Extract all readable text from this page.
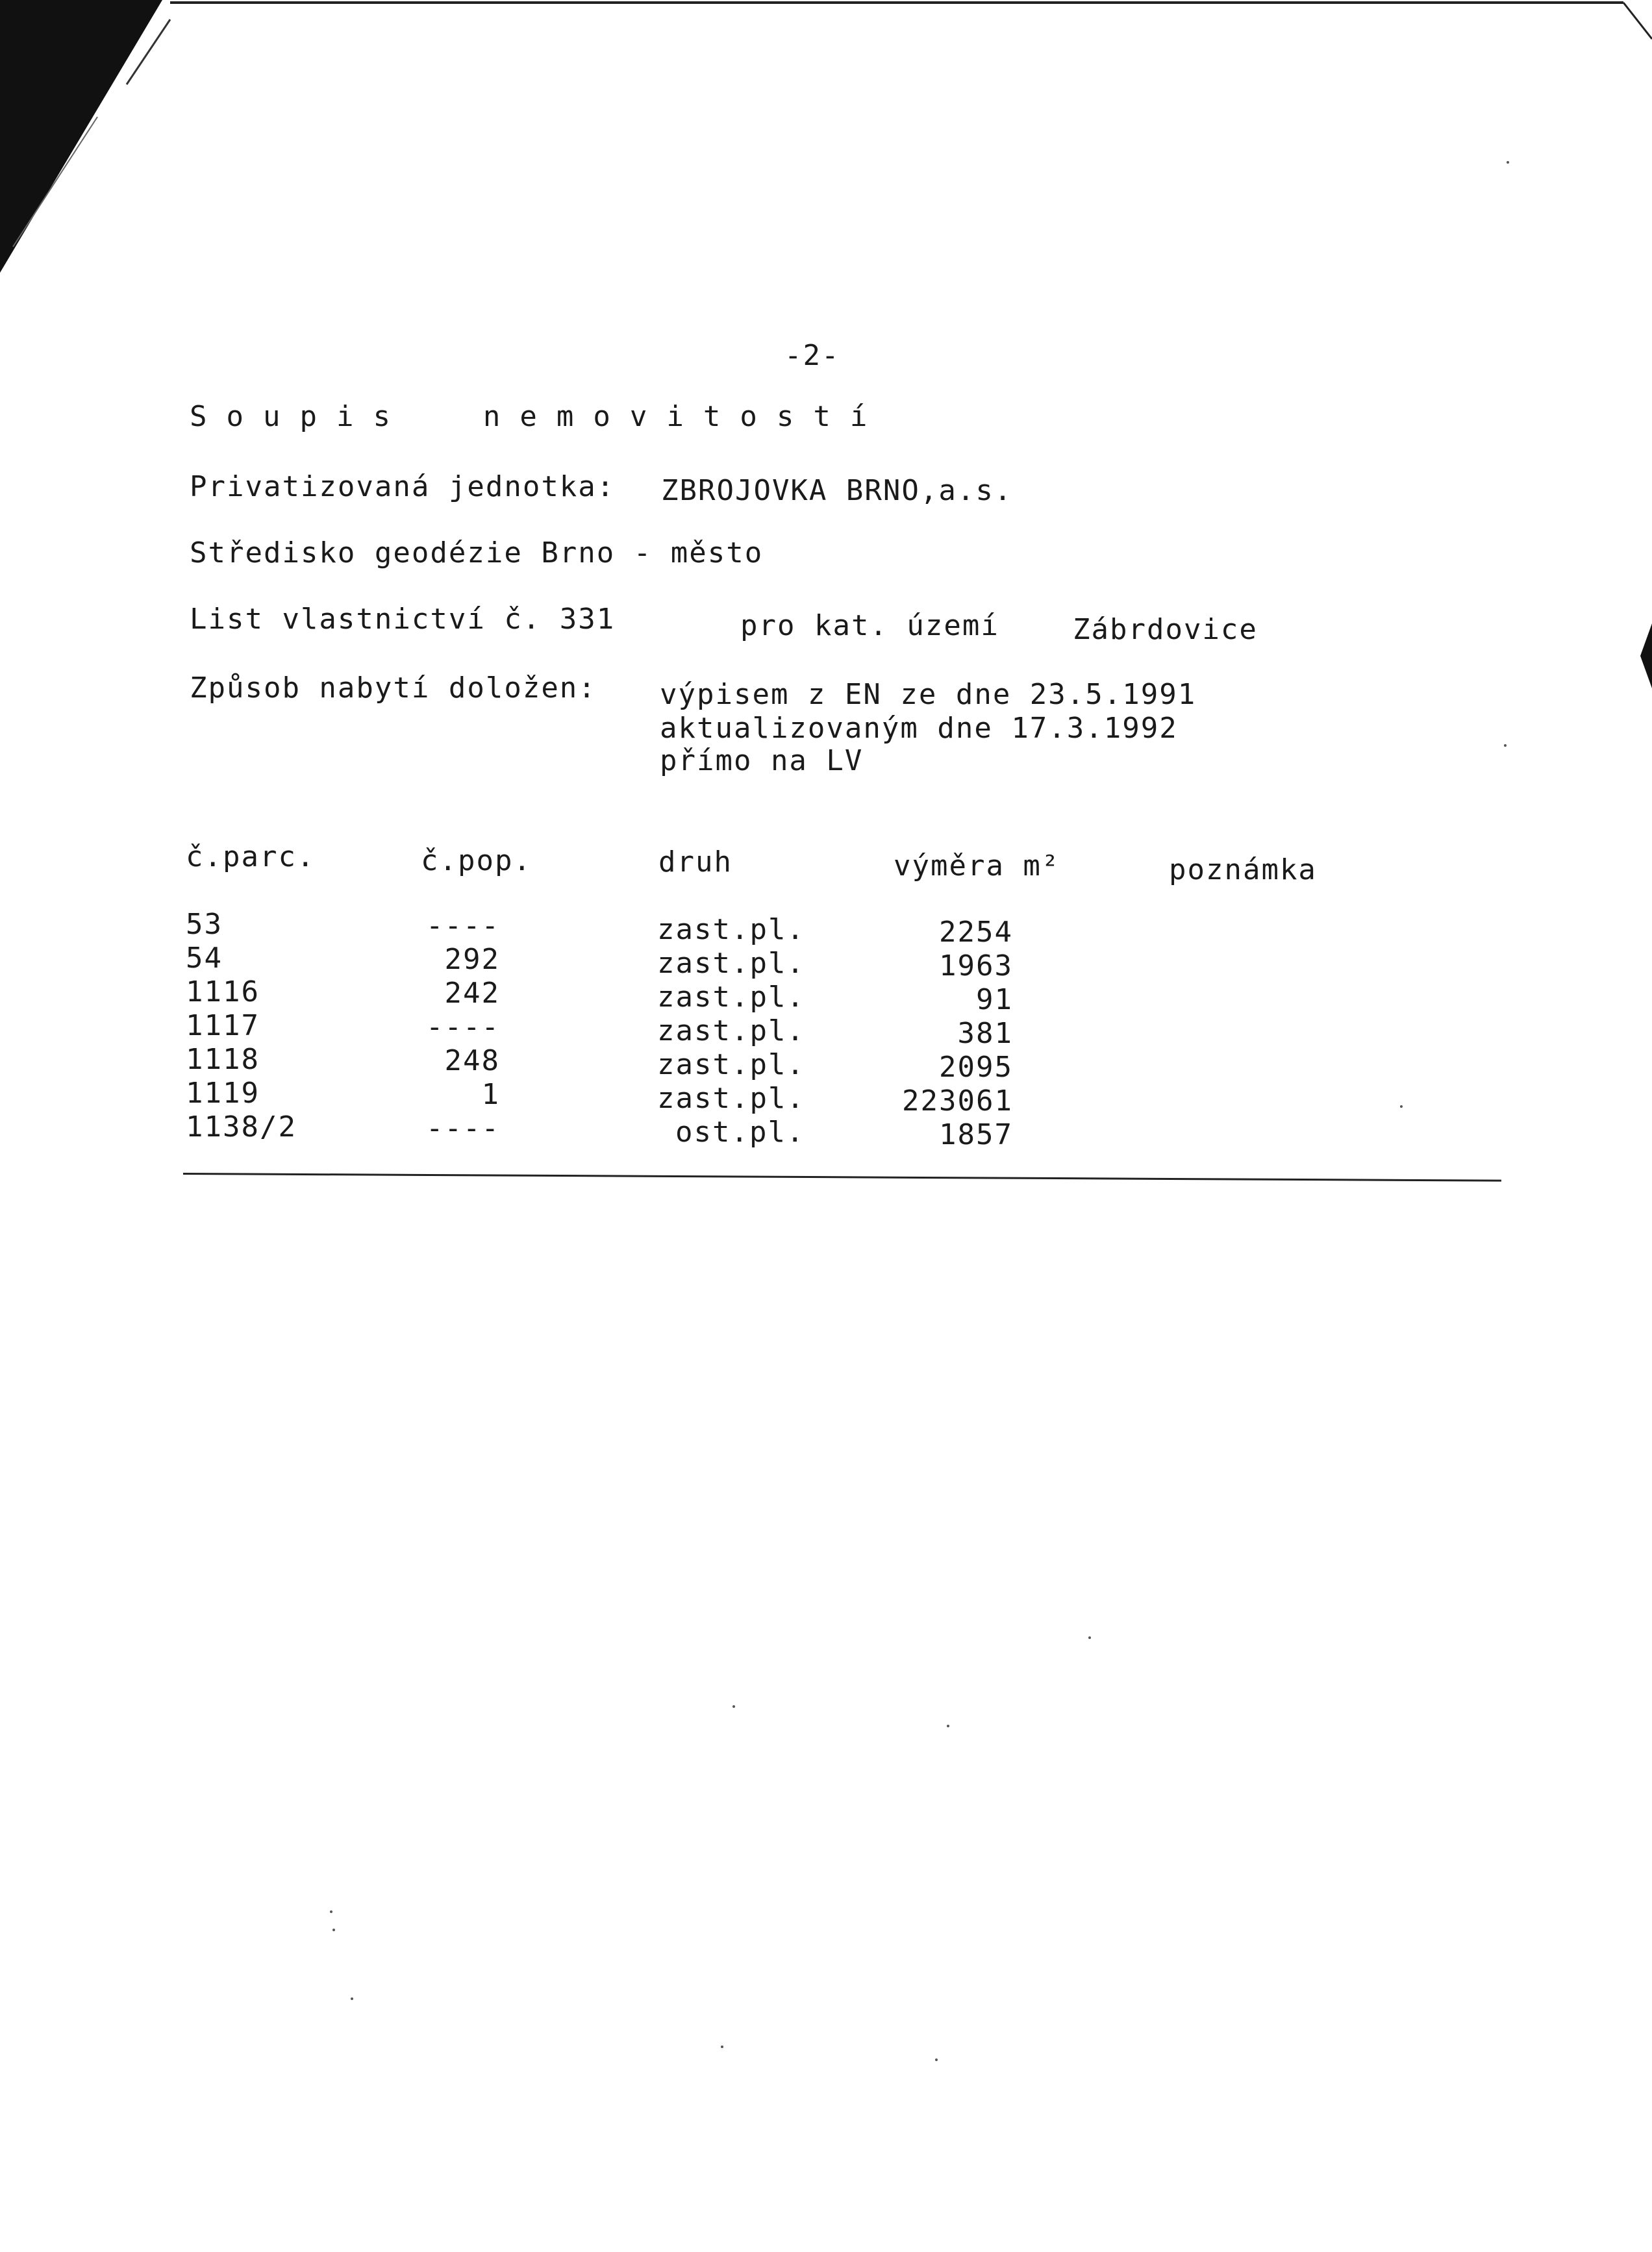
-2-
Soupis  nemovitostí
Privatizovaná jednotka: ZBROJOVKA BRNO,a.s.
Středisko geodézie Brno - město
List vlastnictví č. 331	pro kat. území	Zábrdovice
Způsob nabytí doložen: výpisem z EN ze dne 23.5.1991
aktualizovaným dne 17.3.1992
přímo na LV
č.parc.	č.pop.	druh	výměra m²	poznámka
53	----	zast.pl.	2254
54	292	zast.pl.	1963
1116	242	zast.pl.	91
1117	----	zast.pl.	381
1118	248	zast.pl.	2095
1119	1	zast.pl.	223061
1138/2	----	ost.pl.	1857
